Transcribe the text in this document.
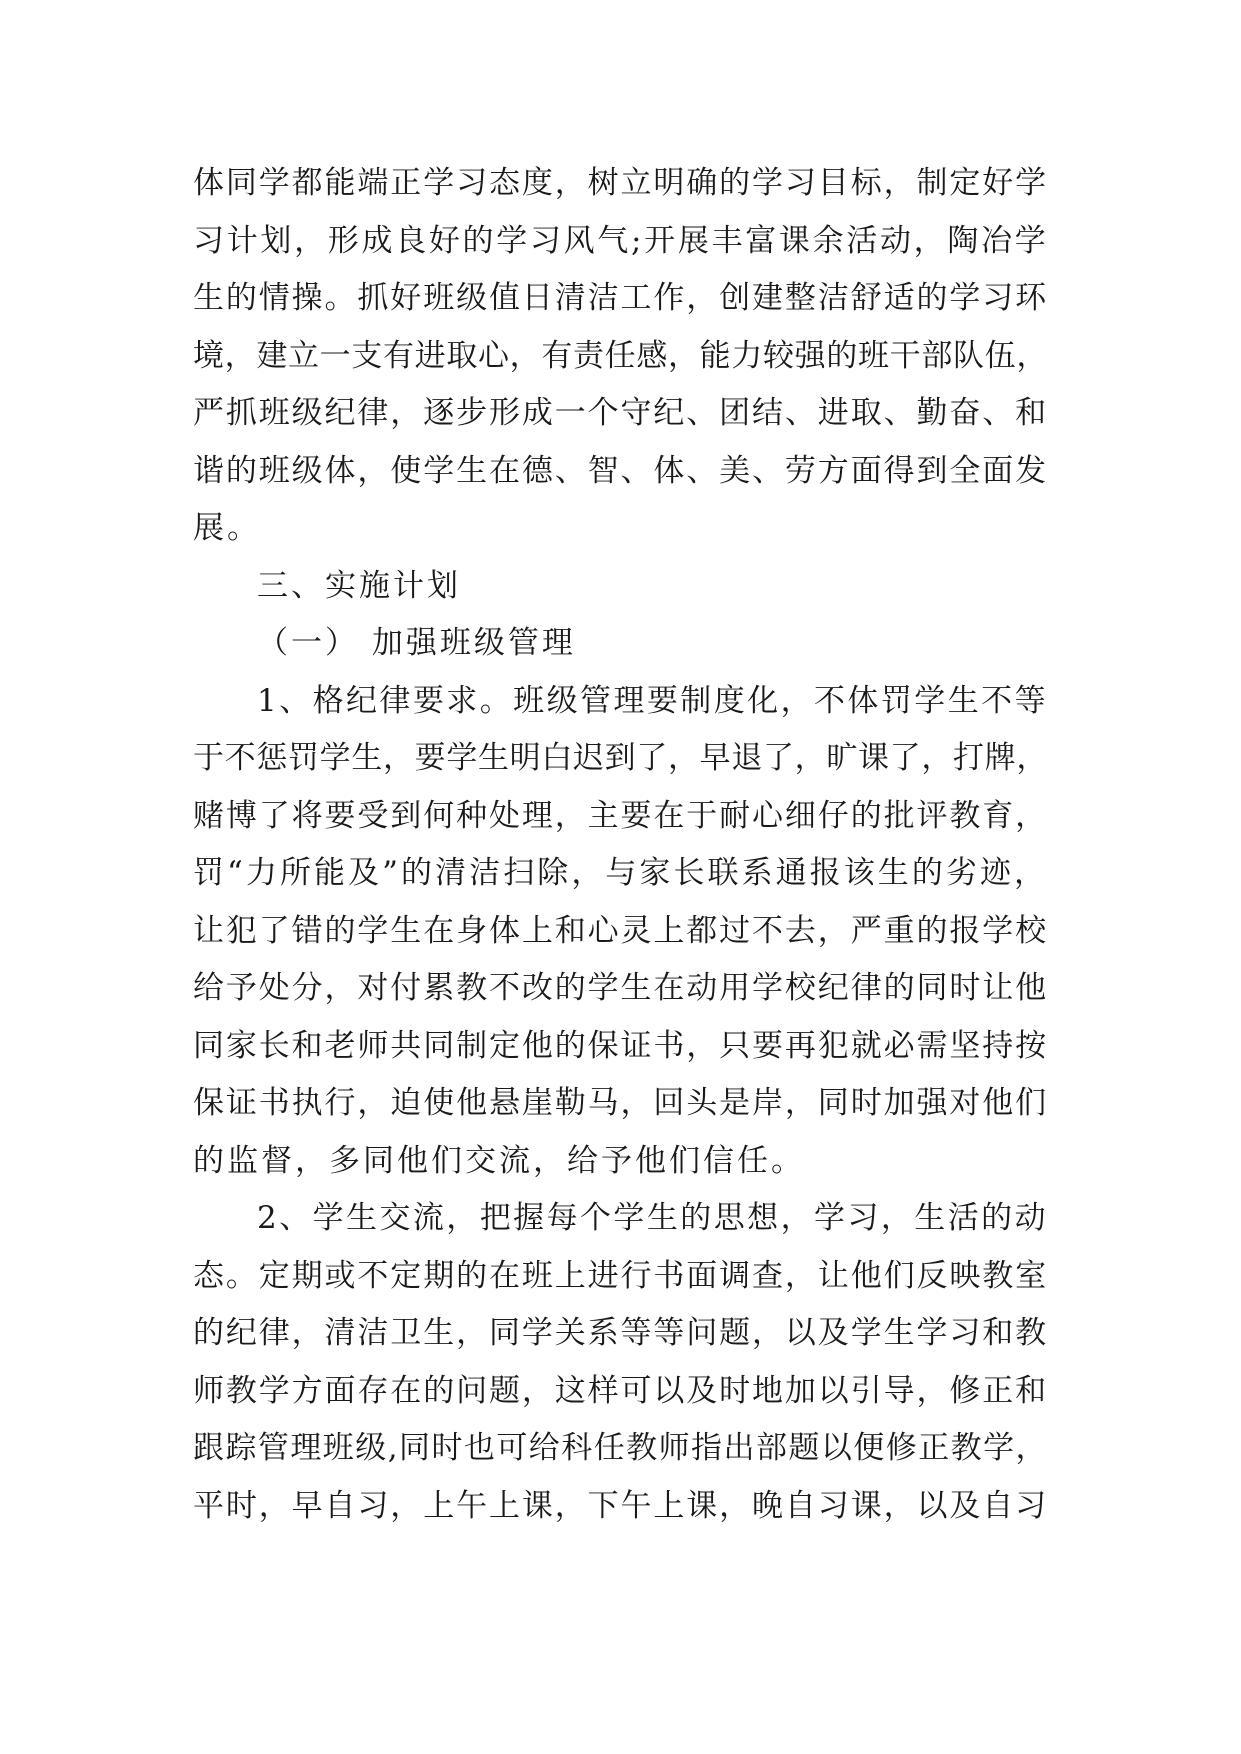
体同学都能端正学习态度，树立明确的学习目标，制定好学
习计划，形成良好的学习风气;开展丰富课余活动，陶冶学
生的情操。抓好班级值日清洁工作，创建整洁舒适的学习环
境，建立一支有进取心，有责任感，能力较强的班干部队伍，
严抓班级纪律，逐步形成一个守纪、团结、进取、勤奋、和
谐的班级体，使学生在德、智、体、美、劳方面得到全面发
展。
三、实施计划
（一） 加强班级管理
1、格纪律要求。班级管理要制度化，不体罚学生不等
于不惩罚学生，要学生明白迟到了，早退了，旷课了，打牌，
赌博了将要受到何种处理，主要在于耐心细仔的批评教育，
罚“力所能及”的清洁扫除，与家长联系通报该生的劣迹，
让犯了错的学生在身体上和心灵上都过不去，严重的报学校
给予处分，对付累教不改的学生在动用学校纪律的同时让他
同家长和老师共同制定他的保证书，只要再犯就必需坚持按
保证书执行，迫使他悬崖勒马，回头是岸，同时加强对他们
的监督，多同他们交流，给予他们信任。
2、学生交流，把握每个学生的思想，学习，生活的动
态。定期或不定期的在班上进行书面调查，让他们反映教室
的纪律，清洁卫生，同学关系等等问题，以及学生学习和教
师教学方面存在的问题，这样可以及时地加以引导，修正和
跟踪管理班级,同时也可给科任教师指出部题以便修正教学，
平时，早自习，上午上课，下午上课，晚自习课，以及自习
